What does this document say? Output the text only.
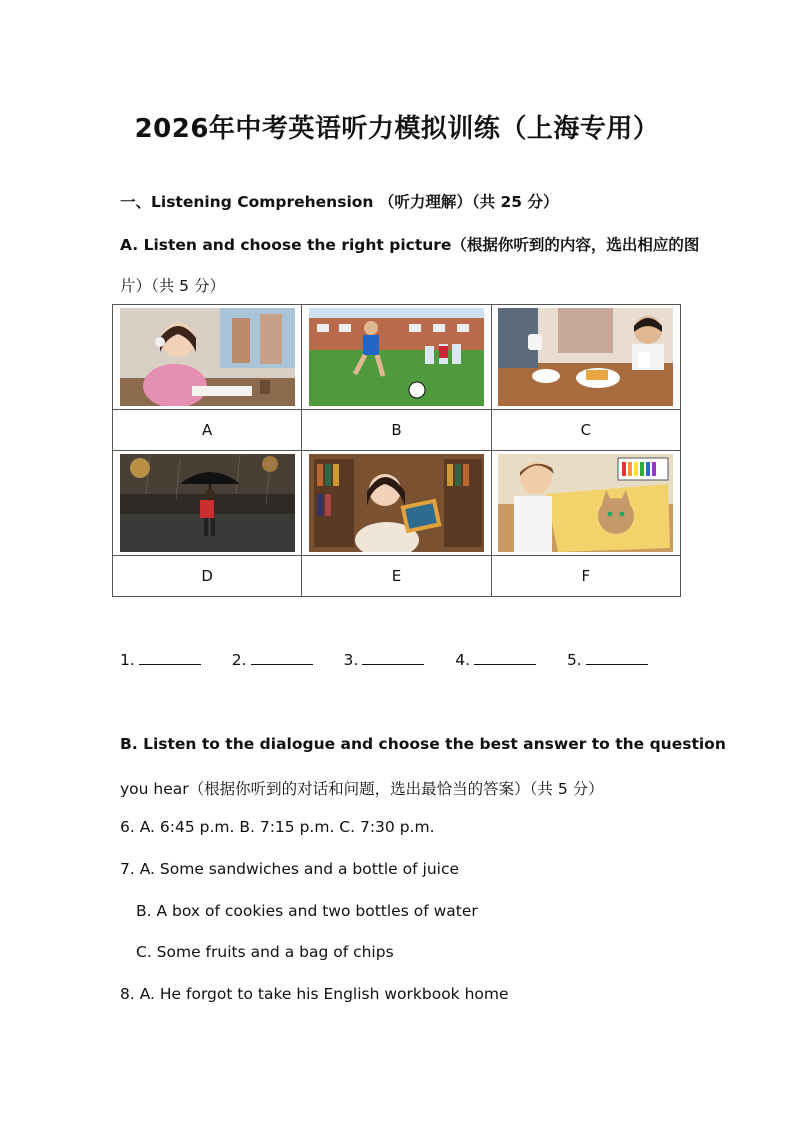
2026年中考英语听力模拟训练（上海专用）
一、Listening Comprehension （听力理解）（共 25 分）
A. Listen and choose the right picture（根据你听到的内容，选出相应的图
片）（共 5 分）

A	B	C

D	E	F
1.	2.	3.	4.	5.
B. Listen to the dialogue and choose the best answer to the question
you hear（根据你听到的对话和问题，选出最恰当的答案）（共 5 分）
6. A. 6:45 p.m. B. 7:15 p.m. C. 7:30 p.m.
7. A. Some sandwiches and a bottle of juice
B. A box of cookies and two bottles of water
C. Some fruits and a bag of chips
8. A. He forgot to take his English workbook home
